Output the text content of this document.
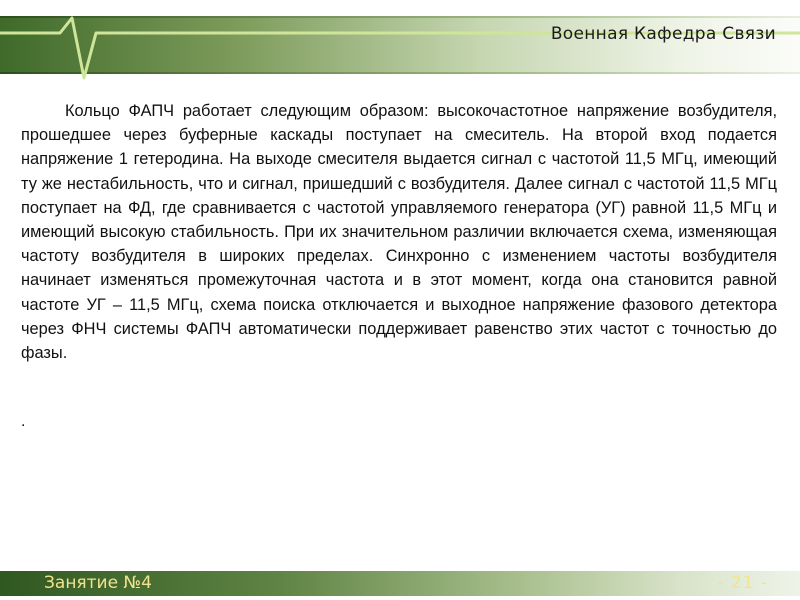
Военная Кафедра Связи
Кольцо ФАПЧ работает следующим образом: высокочастотное напряжение возбудителя, прошедшее через буферные каскады поступает на смеситель. На второй вход подается напряжение 1 гетеродина. На выходе смесителя выдается сигнал с частотой 11,5 МГц, имеющий ту же нестабильность, что и сигнал, пришедший с возбудителя. Далее сигнал с частотой 11,5 МГц поступает на ФД, где сравнивается с частотой управляемого генератора (УГ) равной 11,5 МГц и имеющий высокую стабильность. При их значительном различии включается схема, изменяющая частоту возбудителя в широких пределах. Синхронно с изменением частоты возбудителя начинает изменяться промежуточная частота и в этот момент, когда она становится равной частоте УГ – 11,5 МГц, схема поиска отключается и выходное напряжение фазового детектора через ФНЧ системы ФАПЧ автоматически поддерживает равенство этих частот с точностью до фазы.
.
Занятие №4	- 21 -
